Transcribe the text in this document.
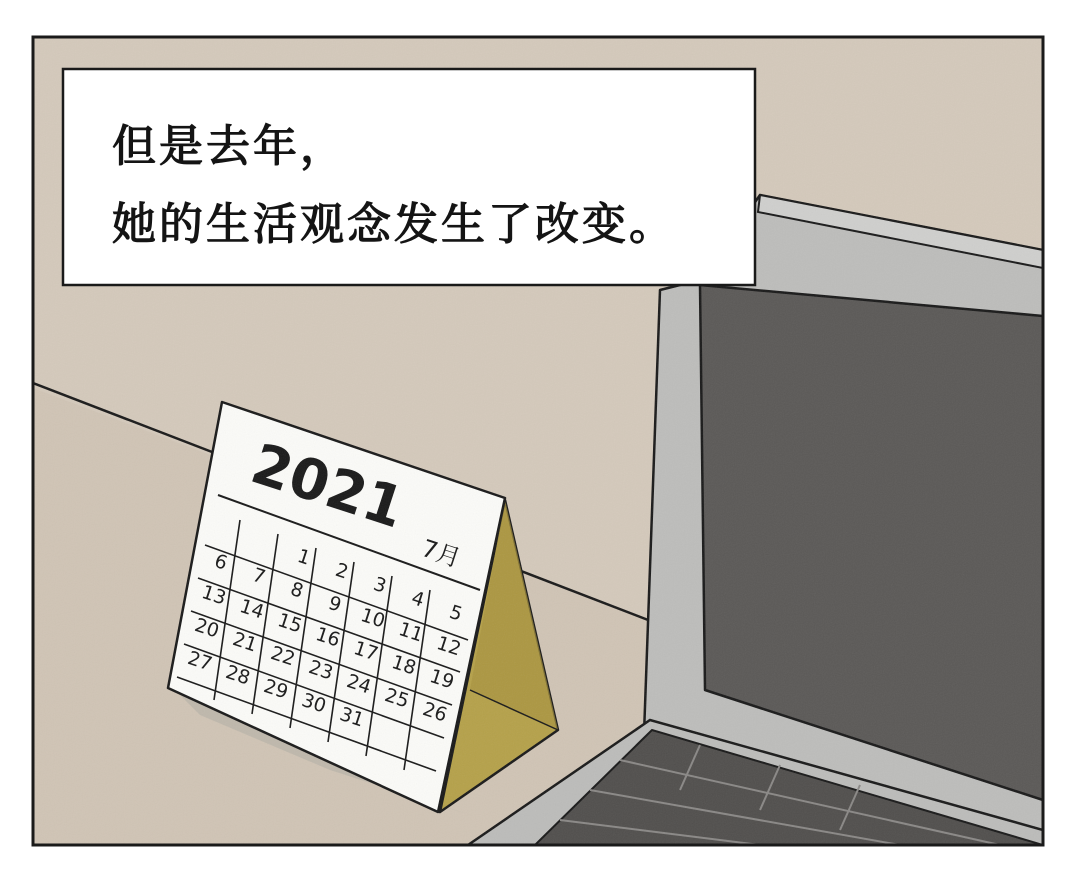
但是去年，
她的生活观念发生了改变。
